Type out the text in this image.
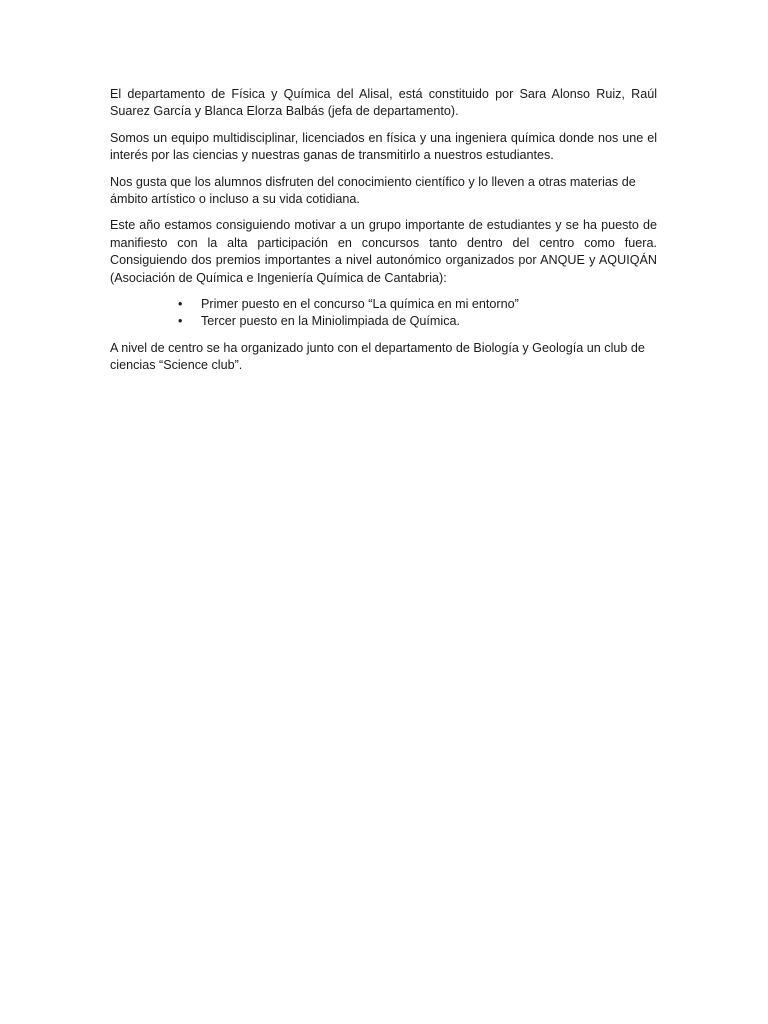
El departamento de Física y Química del Alisal, está constituido por Sara Alonso Ruiz, Raúl Suarez García y Blanca Elorza Balbás (jefa de departamento).

Somos un equipo multidisciplinar, licenciados en física y una ingeniera química donde nos une el interés por las ciencias y nuestras ganas de transmitirlo a nuestros estudiantes.

Nos gusta que los alumnos disfruten del conocimiento científico y lo lleven a otras materias de ámbito artístico o incluso a su vida cotidiana.

Este año estamos consiguiendo motivar a un grupo importante de estudiantes y se ha puesto de manifiesto con la alta participación en concursos tanto dentro del centro como fuera. Consiguiendo dos premios importantes a nivel autonómico organizados por ANQUE y AQUIQÁN (Asociación de Química e Ingeniería Química de Cantabria):

• Primer puesto en el concurso “La química en mi entorno”
• Tercer puesto en la Miniolimpiada de Química.

A nivel de centro se ha organizado junto con el departamento de Biología y Geología un club de ciencias “Science club”.
